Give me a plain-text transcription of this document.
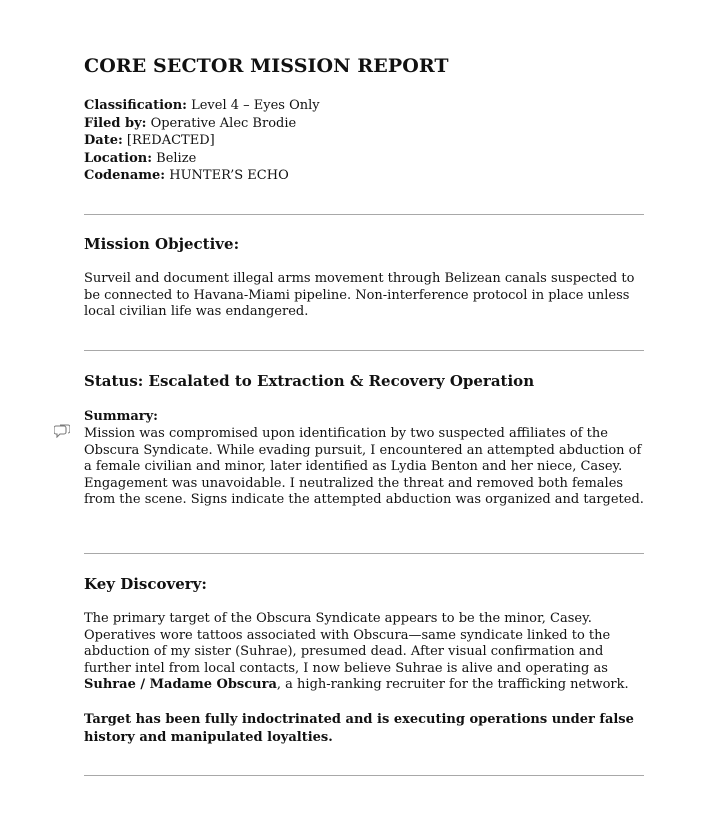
CORE SECTOR MISSION REPORT
Classification: Level 4 – Eyes Only
Filed by: Operative Alec Brodie
Date: [REDACTED]
Location: Belize
Codename: HUNTER’S ECHO
Mission Objective:

Surveil and document illegal arms movement through Belizean canals suspected to be connected to Havana-Miami pipeline. Non-interference protocol in place unless local civilian life was endangered.

Status: Escalated to Extraction & Recovery Operation
Summary:

Mission was compromised upon identification by two suspected affiliates of the Obscura Syndicate. While evading pursuit, I encountered an attempted abduction of a female civilian and minor, later identified as Lydia Benton and her niece, Casey. Engagement was unavoidable. I neutralized the threat and removed both females from the scene. Signs indicate the attempted abduction was organized and targeted.

Key Discovery:

The primary target of the Obscura Syndicate appears to be the minor, Casey. Operatives wore tattoos associated with Obscura—same syndicate linked to the abduction of my sister (Suhrae), presumed dead. After visual confirmation and further intel from local contacts, I now believe Suhrae is alive and operating as Suhrae / Madame Obscura, a high-ranking recruiter for the trafficking network.

Target has been fully indoctrinated and is executing operations under false history and manipulated loyalties.
